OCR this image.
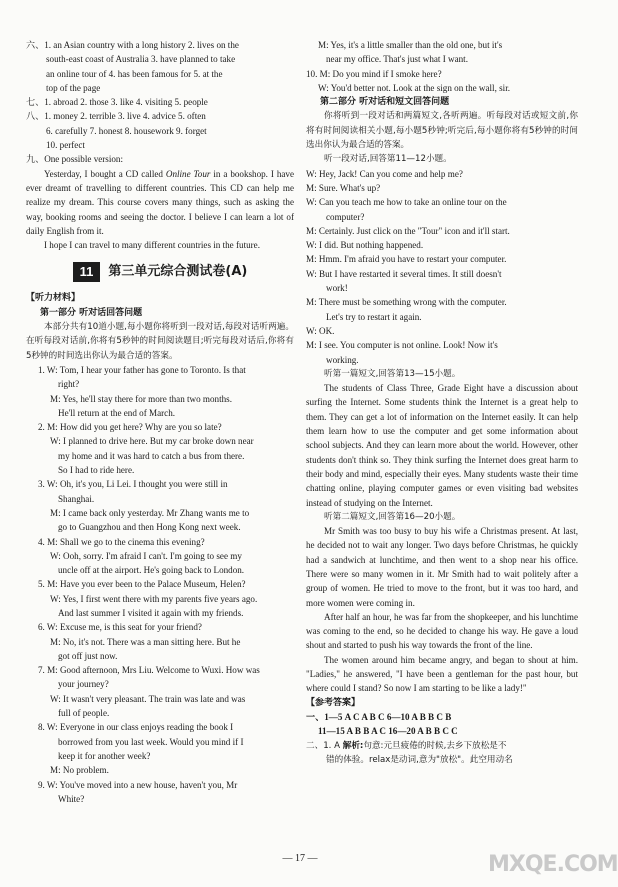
六、1. an Asian country with a long history 2. lives on the
south-east coast of Australia 3. have planned to take
an online tour of 4. has been famous for 5. at the
top of the page
七、1. abroad 2. those 3. like 4. visiting 5. people
八、1. money 2. terrible 3. live 4. advice 5. often
6. carefully 7. honest 8. housework 9. forget
10. perfect
九、One possible version:

Yesterday, I bought a CD called Online Tour in a bookshop. I have ever dreamt of travelling to different countries. This CD can help me realize my dream. This course covers many things, such as asking the way, booking rooms and seeing the doctor. I believe I can learn a lot of daily English from it.

I hope I can travel to many different countries in the future.

11	第三单元综合测试卷(A)
【听力材料】
第一部分 听对话回答问题

本部分共有10道小题,每小题你将听到一段对话,每段对话听两遍。在听每段对话前,你将有5秒钟的时间阅读题目;听完每段对话后,你将有5秒钟的时间选出你认为最合适的答案。

1. W: Tom, I hear your father has gone to Toronto. Is that
right?
M: Yes, he'll stay there for more than two months.
He'll return at the end of March.
2. M: How did you get here? Why are you so late?
W: I planned to drive here. But my car broke down near
my home and it was hard to catch a bus from there.
So I had to ride here.
3. W: Oh, it's you, Li Lei. I thought you were still in
Shanghai.
M: I came back only yesterday. Mr Zhang wants me to
go to Guangzhou and then Hong Kong next week.
4. M: Shall we go to the cinema this evening?
W: Ooh, sorry. I'm afraid I can't. I'm going to see my
uncle off at the airport. He's going back to London.
5. M: Have you ever been to the Palace Museum, Helen?
W: Yes, I first went there with my parents five years ago.
And last summer I visited it again with my friends.
6. W: Excuse me, is this seat for your friend?
M: No, it's not. There was a man sitting here. But he
got off just now.
7. M: Good afternoon, Mrs Liu. Welcome to Wuxi. How was
your journey?
W: It wasn't very pleasant. The train was late and was
full of people.
8. W: Everyone in our class enjoys reading the book I
borrowed from you last week. Would you mind if I
keep it for another week?
M: No problem.
9. W: You've moved into a new house, haven't you, Mr
White?
M: Yes, it's a little smaller than the old one, but it's
near my office. That's just what I want.
10. M: Do you mind if I smoke here?
W: You'd better not. Look at the sign on the wall, sir.
第二部分 听对话和短文回答问题

你将听到一段对话和两篇短文,各听两遍。听每段对话或短文前,你将有时间阅读相关小题,每小题5秒钟;听完后,每小题你将有5秒钟的时间选出你认为最合适的答案。

听一段对话,回答第11—12小题。

W: Hey, Jack! Can you come and help me?
M: Sure. What's up?
W: Can you teach me how to take an online tour on the
computer?
M: Certainly. Just click on the "Tour" icon and it'll start.
W: I did. But nothing happened.
M: Hmm. I'm afraid you have to restart your computer.
W: But I have restarted it several times. It still doesn't
work!
M: There must be something wrong with the computer.
Let's try to restart it again.
W: OK.
M: I see. You computer is not online. Look! Now it's
working.

听第一篇短文,回答第13—15小题。

The students of Class Three, Grade Eight have a discussion about surfing the Internet. Some students think the Internet is a great help to them. They can get a lot of information on the Internet easily. It can help them learn how to use the computer and get some information about school subjects. And they can learn more about the world. However, other students don't think so. They think surfing the Internet does great harm to their body and mind, especially their eyes. Many students waste their time chatting online, playing computer games or even visiting bad websites instead of studying on the Internet.

听第二篇短文,回答第16—20小题。

Mr Smith was too busy to buy his wife a Christmas present. At last, he decided not to wait any longer. Two days before Christmas, he quickly had a sandwich at lunchtime, and then went to a shop near his office. There were so many women in it. Mr Smith had to wait politely after a group of women. He tried to move to the front, but it was too hard, and more women were coming in.

After half an hour, he was far from the shopkeeper, and his lunchtime was coming to the end, so he decided to change his way. He gave a loud shout and started to push his way towards the front of the line.

The women around him became angry, and began to shout at him. "Ladies," he answered, "I have been a gentleman for the past hour, but where could I stand? So now I am starting to be like a lady!"

【参考答案】
一、1—5 A C A B C 6—10 A B B C B
11—15 A B B A C 16—20 A B B C C
二、1. A 解析:句意:元旦疲倦的时候,去乡下放松是不
错的体验。relax是动词,意为"放松"。此空用动名
— 17 —	MXQE.COM
